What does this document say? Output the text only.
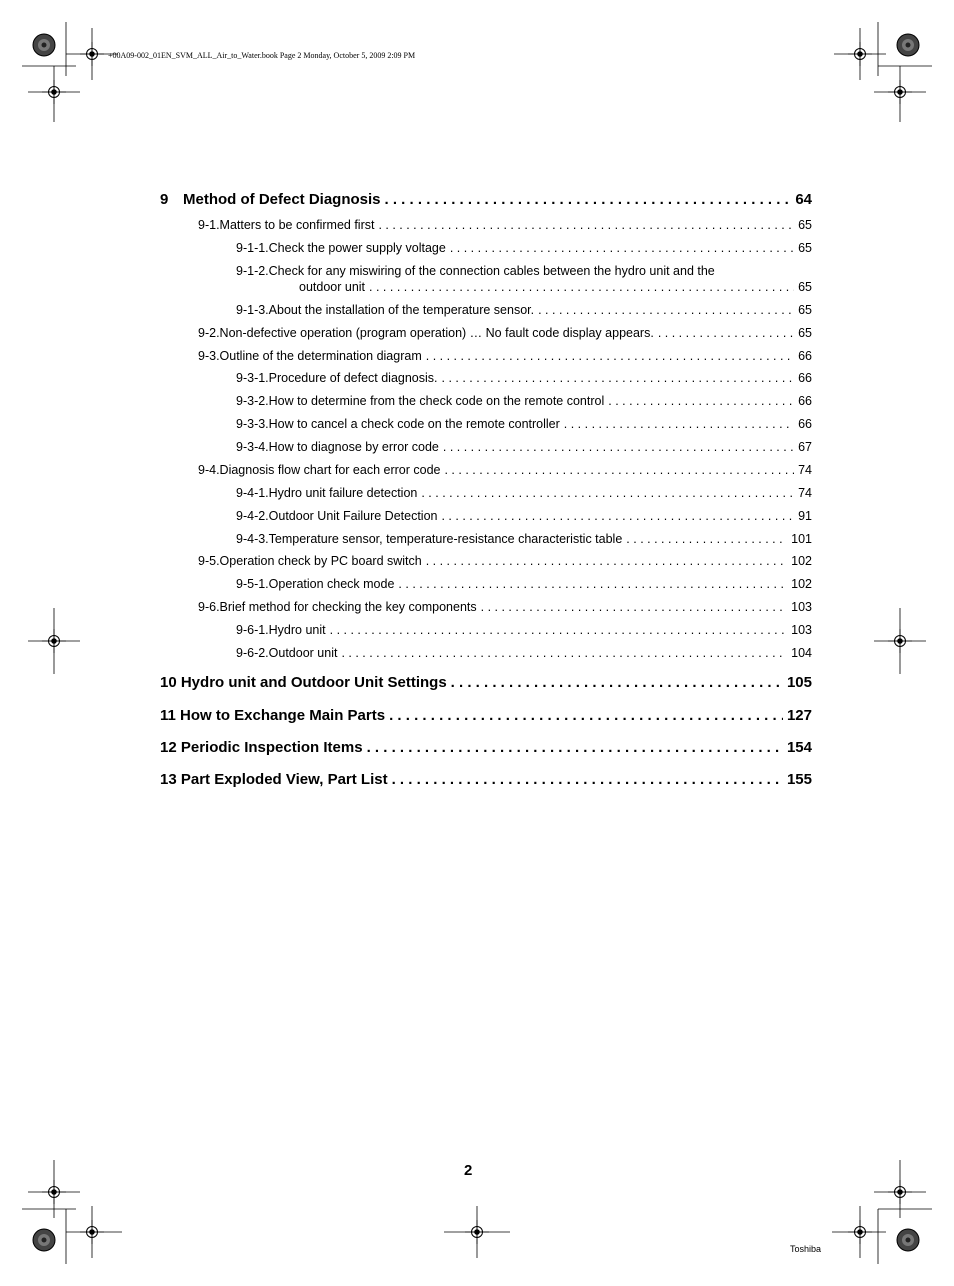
+00A09-002_01EN_SVM_ALL_Air_to_Water.book Page 2 Monday, October 5, 2009 2:09 PM
9 Method of Defect Diagnosis . . .	64
9-1.Matters to be confirmed first . . .	65
9-1-1.Check the power supply voltage . . .	65
9-1-2.Check for any miswiring of the connection cables between the hydro unit and the
outdoor unit . . .	65
9-1-3.About the installation of the temperature sensor. . . .	65
9-2.Non-defective operation (program operation) … No fault code display appears. . . .	65
9-3.Outline of the determination diagram . . .	66
9-3-1.Procedure of defect diagnosis. . . .	66
9-3-2.How to determine from the check code on the remote control . . .	66
9-3-3.How to cancel a check code on the remote controller . . .	66
9-3-4.How to diagnose by error code . . .	67
9-4.Diagnosis flow chart for each error code . . .	74
9-4-1.Hydro unit failure detection . . .	74
9-4-2.Outdoor Unit Failure Detection . . .	91
9-4-3.Temperature sensor, temperature-resistance characteristic table . . .	101
9-5.Operation check by PC board switch . . .	102
9-5-1.Operation check mode . . .	102
9-6.Brief method for checking the key components . . .	103
9-6-1.Hydro unit . . .	103
9-6-2.Outdoor unit . . .	104
10 Hydro unit and Outdoor Unit Settings . . .	105
11 How to Exchange Main Parts . . .	127
12 Periodic Inspection Items . . .	154
13 Part Exploded View, Part List . . .	155
2
Toshiba
